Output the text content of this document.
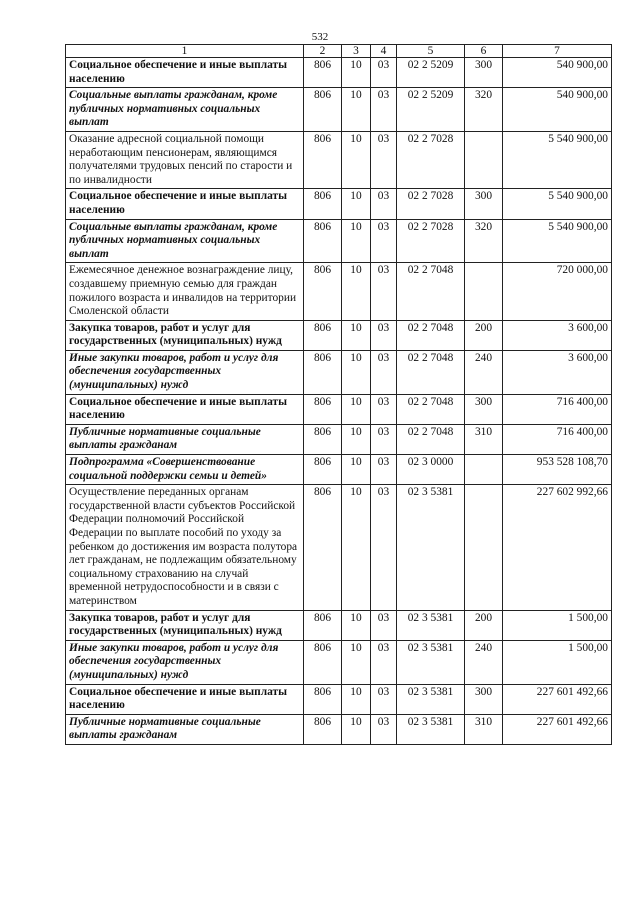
532
1	2	3	4	5	6	7
Социальное обеспечение и иные выплаты населению	806	10	03	02 2 5209	300	540 900,00
Социальные выплаты гражданам, кроме публичных нормативных социальных выплат	806	10	03	02 2 5209	320	540 900,00
Оказание адресной социальной помощи неработающим пенсионерам, являющимся получателями трудовых пенсий по старости и по инвалидности	806	10	03	02 2 7028		5 540 900,00
Социальное обеспечение и иные выплаты населению	806	10	03	02 2 7028	300	5 540 900,00
Социальные выплаты гражданам, кроме публичных нормативных социальных выплат	806	10	03	02 2 7028	320	5 540 900,00
Ежемесячное денежное вознаграждение лицу, создавшему приемную семью для граждан пожилого возраста и инвалидов на территории Смоленской области	806	10	03	02 2 7048		720 000,00
Закупка товаров, работ и услуг для государственных (муниципальных) нужд	806	10	03	02 2 7048	200	3 600,00
Иные закупки товаров, работ и услуг для обеспечения государственных (муниципальных) нужд	806	10	03	02 2 7048	240	3 600,00
Социальное обеспечение и иные выплаты населению	806	10	03	02 2 7048	300	716 400,00
Публичные нормативные социальные выплаты гражданам	806	10	03	02 2 7048	310	716 400,00
Подпрограмма «Совершенствование социальной поддержки семьи и детей»	806	10	03	02 3 0000		953 528 108,70
Осуществление переданных органам государственной власти субъектов Российской Федерации полномочий Российской Федерации по выплате пособий по уходу за ребенком до достижения им возраста полутора лет гражданам, не подлежащим обязательному социальному страхованию на случай временной нетрудоспособности и в связи с материнством	806	10	03	02 3 5381		227 602 992,66
Закупка товаров, работ и услуг для государственных (муниципальных) нужд	806	10	03	02 3 5381	200	1 500,00
Иные закупки товаров, работ и услуг для обеспечения государственных (муниципальных) нужд	806	10	03	02 3 5381	240	1 500,00
Социальное обеспечение и иные выплаты населению	806	10	03	02 3 5381	300	227 601 492,66
Публичные нормативные социальные выплаты гражданам	806	10	03	02 3 5381	310	227 601 492,66
